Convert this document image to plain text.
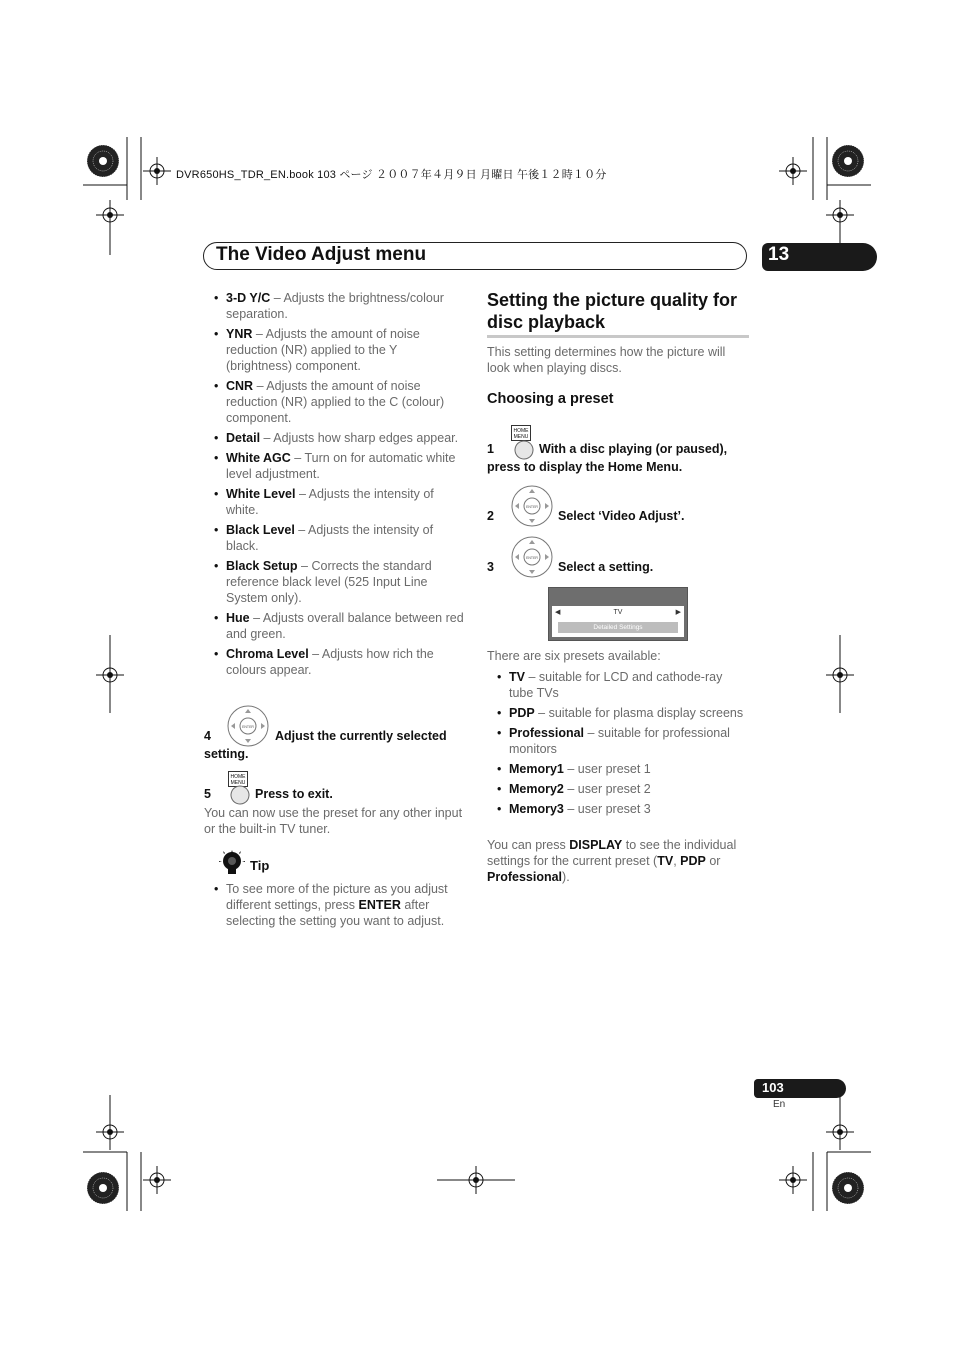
DVR650HS_TDR_EN.book 103 ページ ２００７年４月９日 月曜日 午後１２時１０分
The Video Adjust menu	13
• 3-D Y/C – Adjusts the brightness/colour separation.
• YNR – Adjusts the amount of noise reduction (NR) applied to the Y (brightness) component.
• CNR – Adjusts the amount of noise reduction (NR) applied to the C (colour) component.
• Detail – Adjusts how sharp edges appear.
• White AGC – Turn on for automatic white level adjustment.
• White Level – Adjusts the intensity of white.
• Black Level – Adjusts the intensity of black.
• Black Setup – Corrects the standard reference black level (525 Input Line System only).
• Hue – Adjusts overall balance between red and green.
• Chroma Level – Adjusts how rich the colours appear.
ENTER
4	Adjust the currently selected
setting.
HOME
MENU
5	Press to exit.
You can now use the preset for any other input or the built-in TV tuner.
Tip
• To see more of the picture as you adjust different settings, press ENTER after selecting the setting you want to adjust.
Setting the picture quality for disc playback
This setting determines how the picture will look when playing discs.
Choosing a preset
HOME
MENU
1	With a disc playing (or paused),
press to display the Home Menu.
ENTER
2	Select ‘Video Adjust’.
ENTER
3	Select a setting.
◀	TV	▶
Detailed Settings
There are six presets available:
• TV – suitable for LCD and cathode-ray tube TVs
• PDP – suitable for plasma display screens
• Professional – suitable for professional monitors
• Memory1 – user preset 1
• Memory2 – user preset 2
• Memory3 – user preset 3
You can press DISPLAY to see the individual settings for the current preset (TV, PDP or Professional).
103
En
